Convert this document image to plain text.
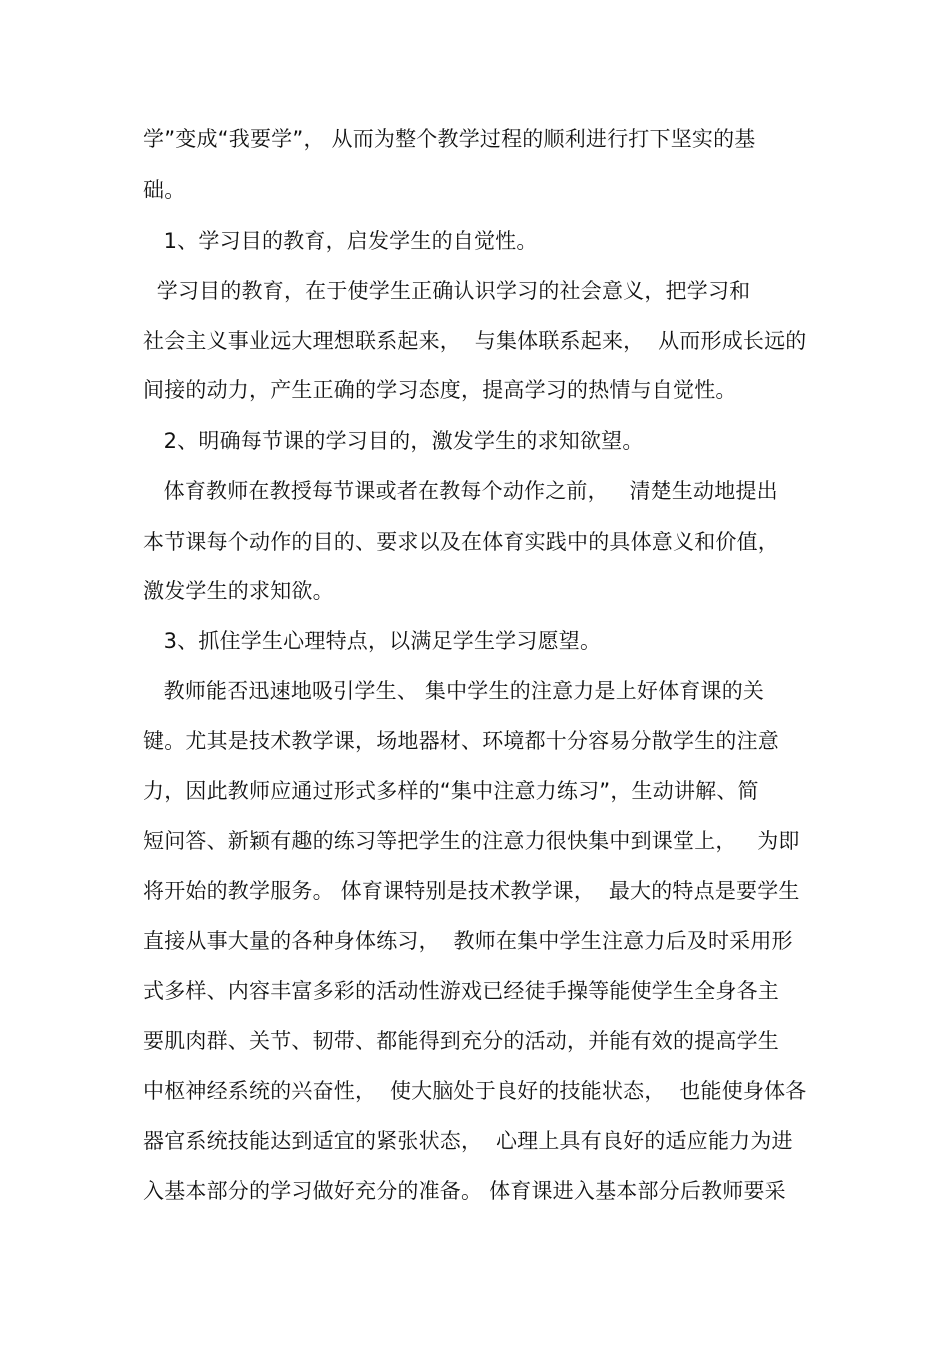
学”变成“我要学”， 从而为整个教学过程的顺利进行打下坚实的基
础。
1、学习目的教育，启发学生的自觉性。
学习目的教育，在于使学生正确认识学习的社会意义，把学习和
社会主义事业远大理想联系起来，  与集体联系起来，  从而形成长远的
间接的动力，产生正确的学习态度，提高学习的热情与自觉性。
2、明确每节课的学习目的，激发学生的求知欲望。
体育教师在教授每节课或者在教每个动作之前，   清楚生动地提出
本节课每个动作的目的、要求以及在体育实践中的具体意义和价值，
激发学生的求知欲。
3、抓住学生心理特点，以满足学生学习愿望。
教师能否迅速地吸引学生、 集中学生的注意力是上好体育课的关
键。尤其是技术教学课，场地器材、环境都十分容易分散学生的注意
力，因此教师应通过形式多样的“集中注意力练习”，生动讲解、简
短问答、新颖有趣的练习等把学生的注意力很快集中到课堂上，   为即
将开始的教学服务。 体育课特别是技术教学课，  最大的特点是要学生
直接从事大量的各种身体练习，  教师在集中学生注意力后及时采用形
式多样、内容丰富多彩的活动性游戏已经徒手操等能使学生全身各主
要肌肉群、关节、韧带、都能得到充分的活动，并能有效的提高学生
中枢神经系统的兴奋性，  使大脑处于良好的技能状态，  也能使身体各
器官系统技能达到适宜的紧张状态，  心理上具有良好的适应能力为进
入基本部分的学习做好充分的准备。 体育课进入基本部分后教师要采
